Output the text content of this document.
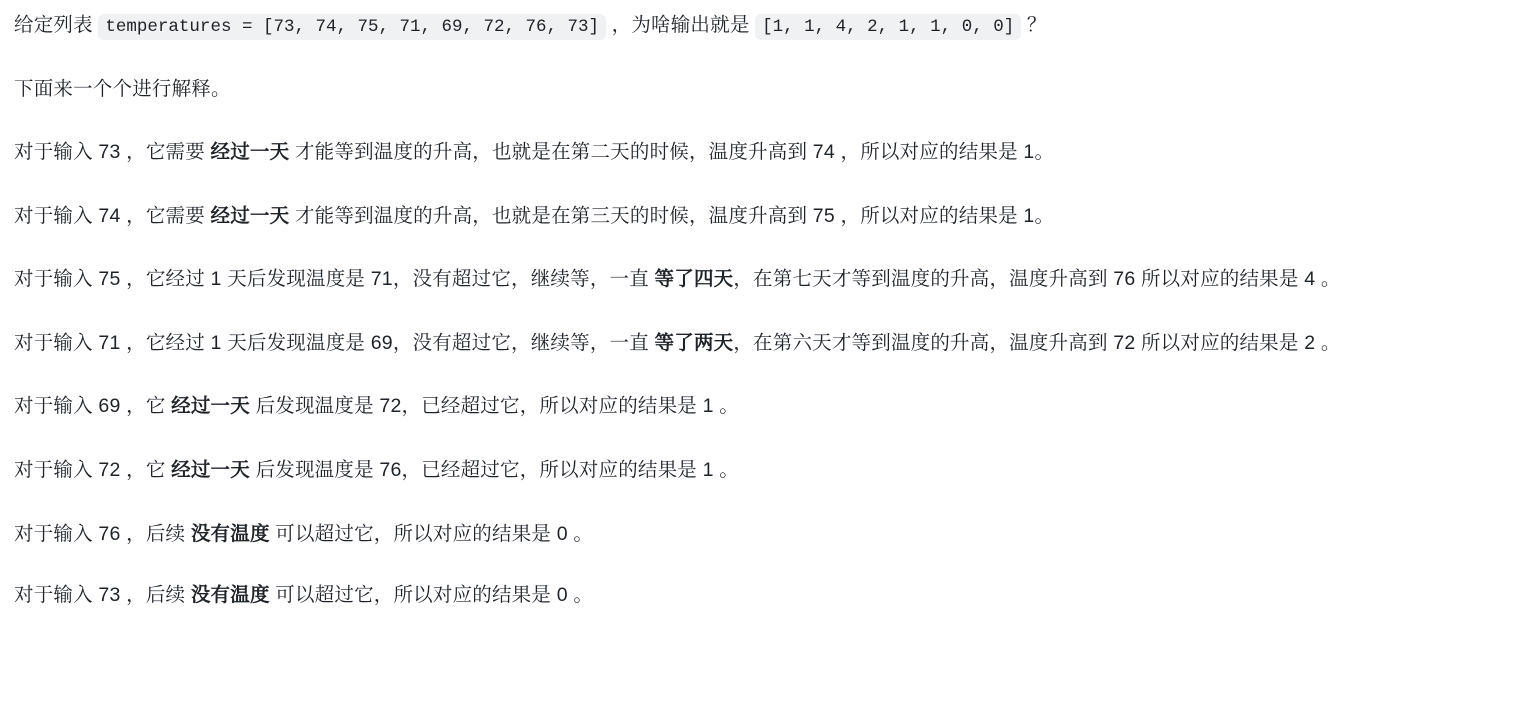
给定列表 temperatures = [73, 74, 75, 71, 69, 72, 76, 73] ，为啥输出就是 [1, 1, 4, 2, 1, 1, 0, 0] ？

下面来一个个进行解释。

对于输入 73 ，它需要 经过一天 才能等到温度的升高，也就是在第二天的时候，温度升高到 74 ，所以对应的结果是 1。

对于输入 74 ，它需要 经过一天 才能等到温度的升高，也就是在第三天的时候，温度升高到 75 ，所以对应的结果是 1。

对于输入 75 ，它经过 1 天后发现温度是 71，没有超过它，继续等，一直 等了四天，在第七天才等到温度的升高，温度升高到 76 所以对应的结果是 4 。

对于输入 71 ，它经过 1 天后发现温度是 69，没有超过它，继续等，一直 等了两天，在第六天才等到温度的升高，温度升高到 72 所以对应的结果是 2 。

对于输入 69 ，它 经过一天 后发现温度是 72，已经超过它，所以对应的结果是 1 。

对于输入 72 ，它 经过一天 后发现温度是 76，已经超过它，所以对应的结果是 1 。

对于输入 76 ，后续 没有温度 可以超过它，所以对应的结果是 0 。

对于输入 73 ，后续 没有温度 可以超过它，所以对应的结果是 0 。
